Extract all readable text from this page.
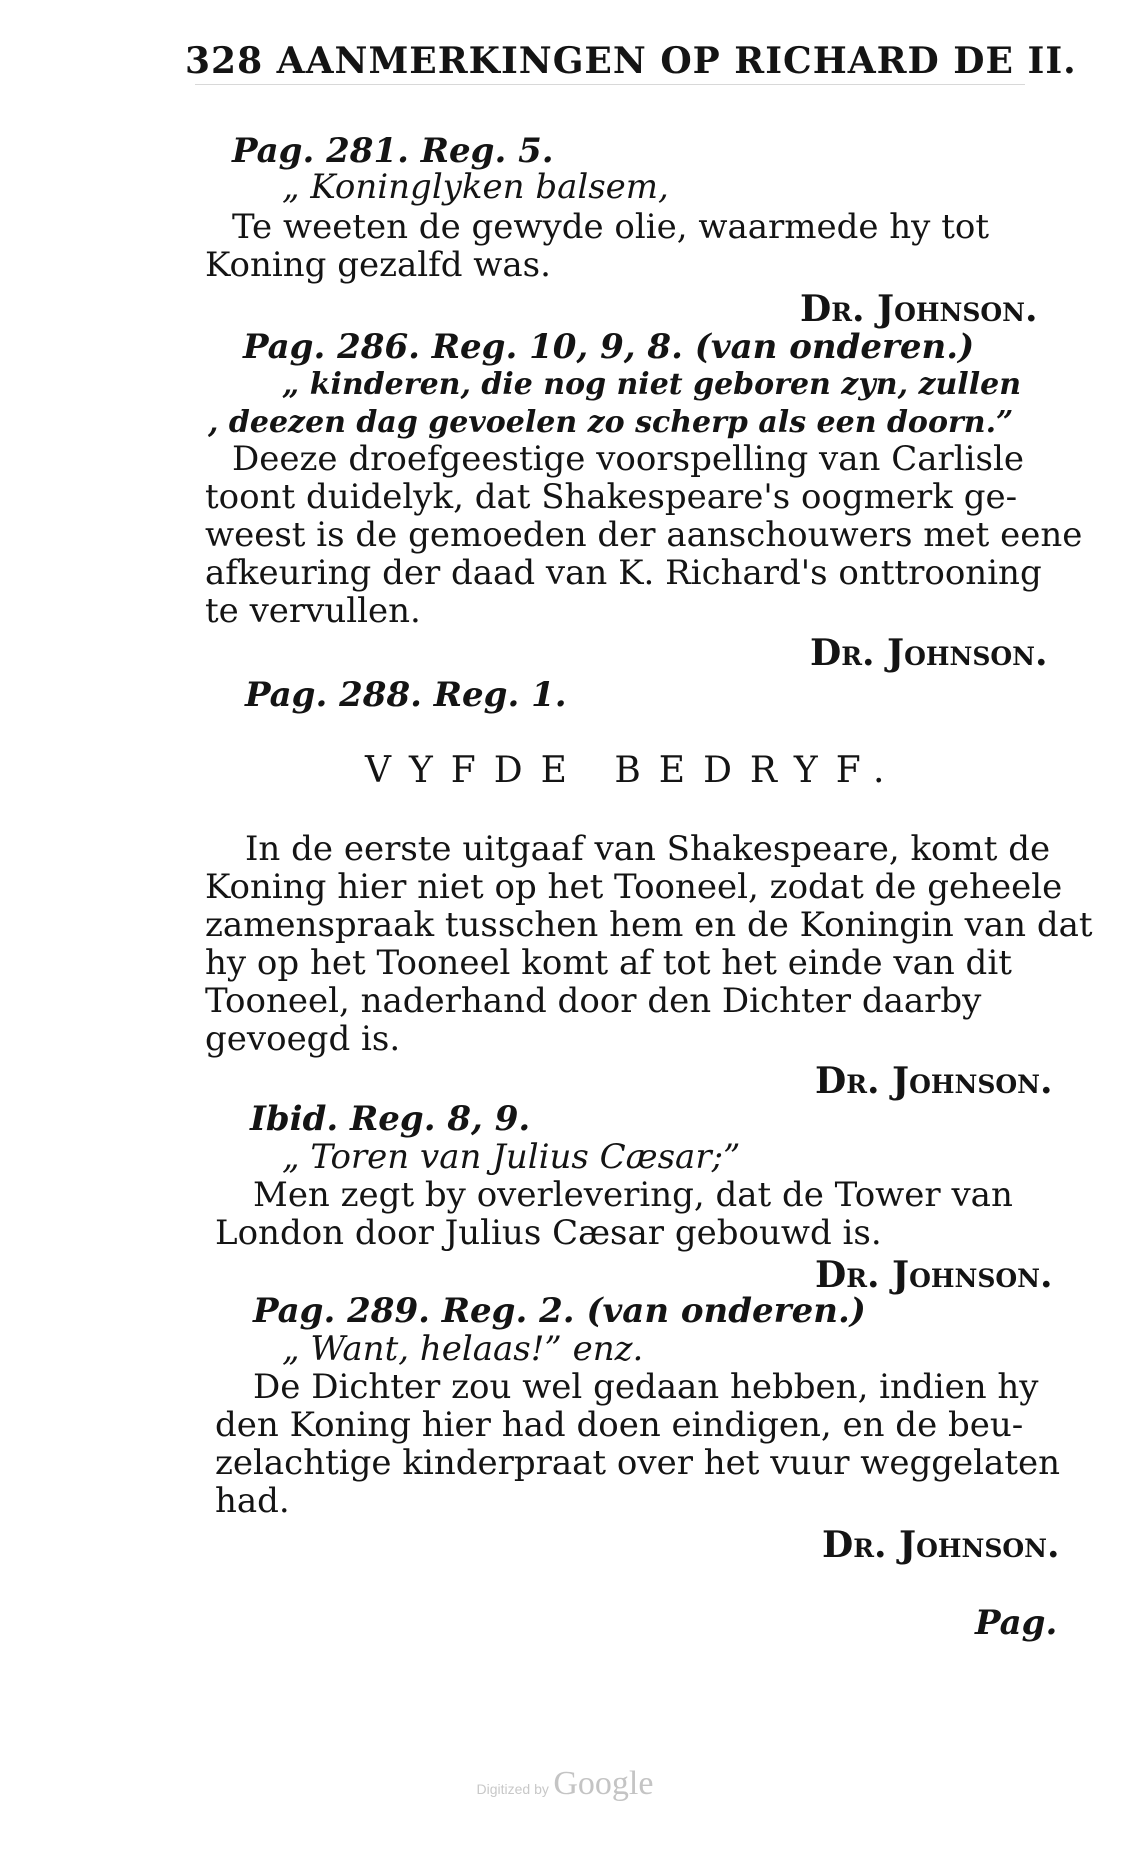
328 AANMERKINGEN OP RICHARD DE II.
Pag. 281. Reg. 5.
„ Koninglyken balsem,
Te weeten de gewyde olie, waarmede hy tot
Koning gezalfd was.
Dr. Johnson.
Pag. 286. Reg. 10, 9, 8. (van onderen.)
„ kinderen, die nog niet geboren zyn, zullen
, deezen dag gevoelen zo scherp als een doorn.”
Deeze droefgeestige voorspelling van Carlisle
toont duidelyk, dat Shakespeare's oogmerk ge-
weest is de gemoeden der aanschouwers met eene
afkeuring der daad van K. Richard's onttrooning
te vervullen.
Dr. Johnson.
Pag. 288. Reg. 1.
VYFDE BEDRYF.
In de eerste uitgaaf van Shakespeare, komt de
Koning hier niet op het Tooneel, zodat de geheele
zamenspraak tusschen hem en de Koningin van dat
hy op het Tooneel komt af tot het einde van dit
Tooneel, naderhand door den Dichter daarby
gevoegd is.
Dr. Johnson.
Ibid. Reg. 8, 9.
„ Toren van Julius Cæsar;”
Men zegt by overlevering, dat de Tower van
London door Julius Cæsar gebouwd is.
Dr. Johnson.
Pag. 289. Reg. 2. (van onderen.)
„ Want, helaas!” enz.
De Dichter zou wel gedaan hebben, indien hy
den Koning hier had doen eindigen, en de beu-
zelachtige kinderpraat over het vuur weggelaten
had.
Dr. Johnson.
Pag.
Digitized by Google
